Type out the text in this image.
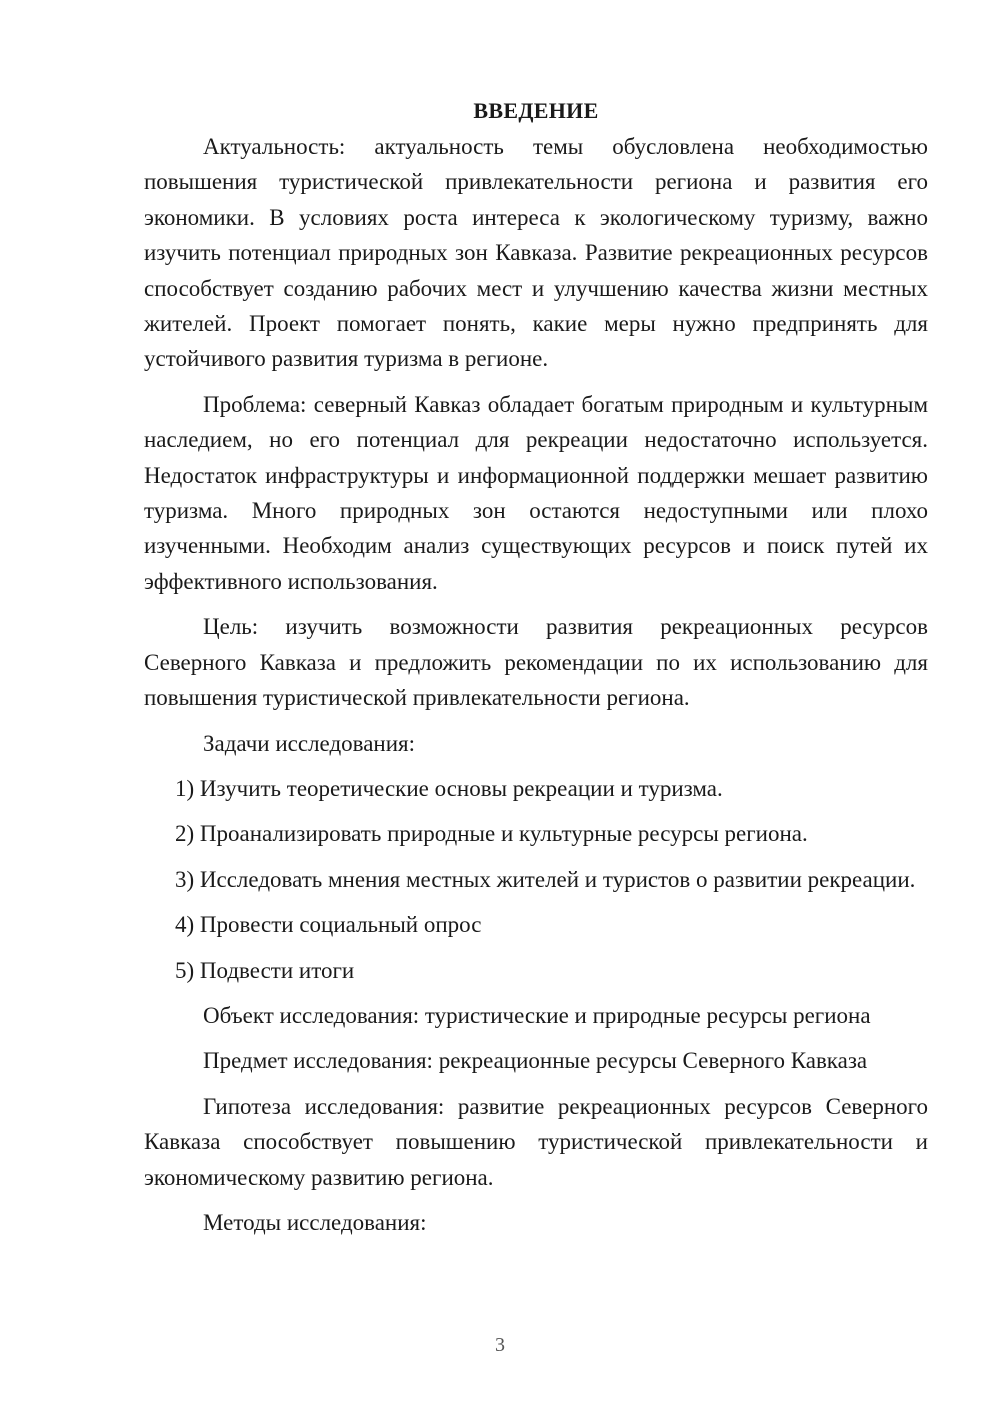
ВВЕДЕНИЕ

Актуальность: актуальность темы обусловлена необходимостью повышения туристической привлекательности региона и развития его экономики. В условиях роста интереса к экологическому туризму, важно изучить потенциал природных зон Кавказа. Развитие рекреационных ресурсов способствует созданию рабочих мест и улучшению качества жизни местных жителей. Проект помогает понять, какие меры нужно предпринять для устойчивого развития туризма в регионе.

Проблема: северный Кавказ обладает богатым природным и культурным наследием, но его потенциал для рекреации недостаточно используется. Недостаток инфраструктуры и информационной поддержки мешает развитию туризма. Много природных зон остаются недоступными или плохо изученными. Необходим анализ существующих ресурсов и поиск путей их эффективного использования.

Цель: изучить возможности развития рекреационных ресурсов Северного Кавказа и предложить рекомендации по их использованию для повышения туристической привлекательности региона.

Задачи исследования:

1) Изучить теоретические основы рекреации и туризма.

2) Проанализировать природные и культурные ресурсы региона.

3) Исследовать мнения местных жителей и туристов о развитии рекреации.

4) Провести социальный опрос

5) Подвести итоги

Объект исследования: туристические и природные ресурсы региона

Предмет исследования: рекреационные ресурсы Северного Кавказа

Гипотеза исследования: развитие рекреационных ресурсов Северного Кавказа способствует повышению туристической привлекательности и экономическому развитию региона.

Методы исследования:

3
